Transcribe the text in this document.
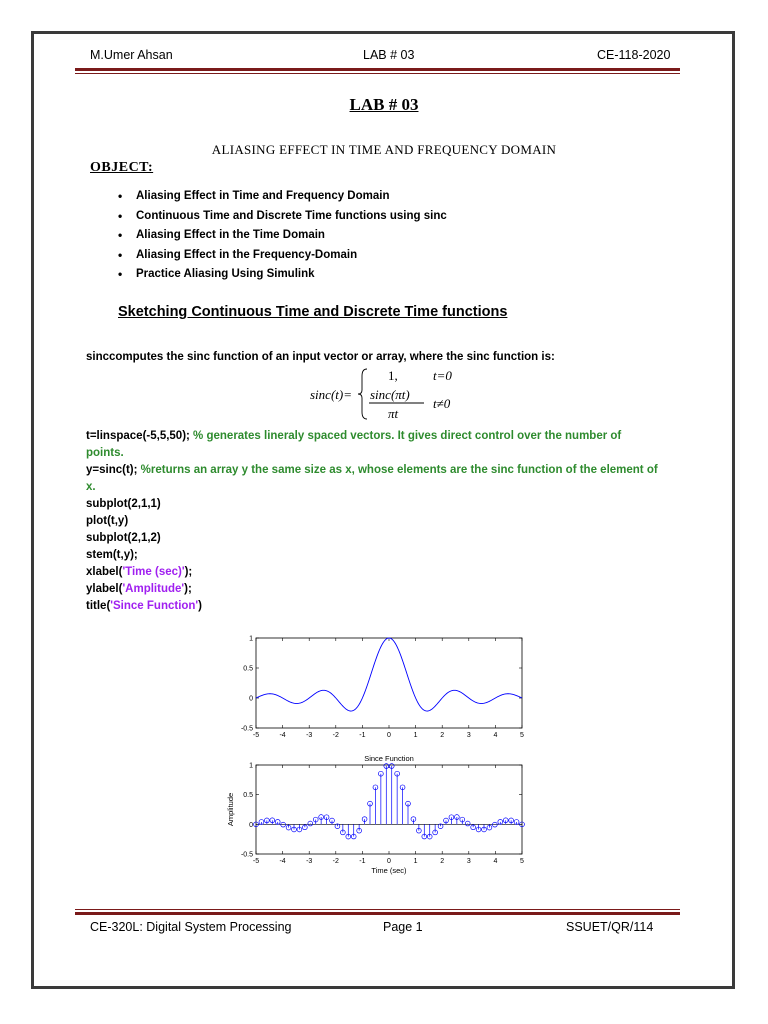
M.Umer Ahsan	LAB # 03	CE-118-2020
LAB # 03
ALIASING EFFECT IN TIME AND FREQUENCY DOMAIN
OBJECT:
• Aliasing Effect in Time and Frequency Domain
• Continuous Time and Discrete Time functions using sinc
• Aliasing Effect in the Time Domain
• Aliasing Effect in the Frequency-Domain
• Practice Aliasing Using Simulink
Sketching Continuous Time and Discrete Time functions
sinccomputes the sinc function of an input vector or array, where the sinc function is:
sinc(t)=
1,	t=0
sinc(πt)
πt
t≠0
t=linspace(-5,5,50); % generates lineraly spaced vectors. It gives direct control over the number of
points.
y=sinc(t); %returns an array y the same size as x, whose elements are the sinc function of the element of
x.
subplot(2,1,1)
plot(t,y)
subplot(2,1,2)
stem(t,y);
xlabel('Time (sec)');
ylabel('Amplitude');
title('Since Function')
-5	-4	-3	-2	-1	0	1	2	3	4	5
-0.5
0
0.5
1
-5	-4	-3	-2	-1	0	1	2	3	4	5
-0.5
0
0.5
1
Since Function
Time (sec)
Amplitude
CE-320L: Digital System Processing	Page 1	SSUET/QR/114
